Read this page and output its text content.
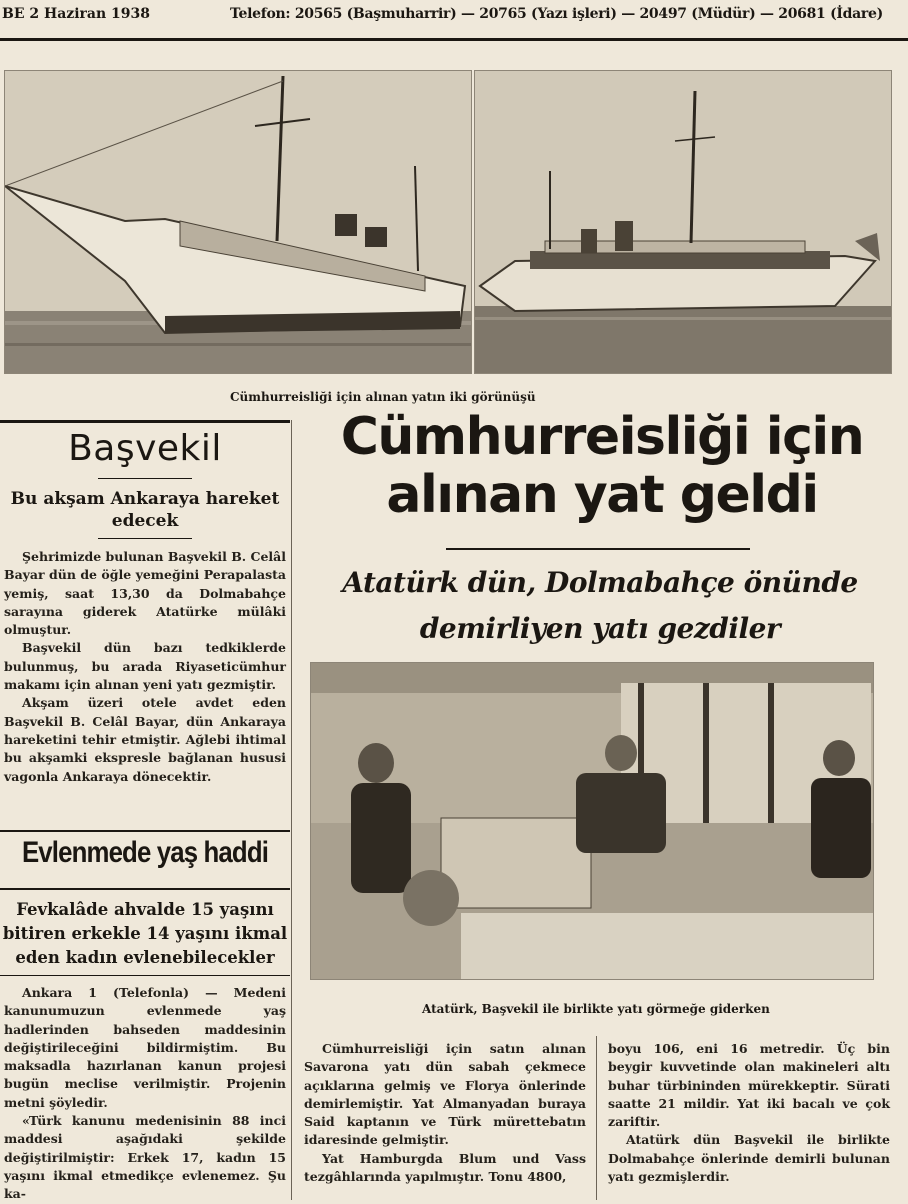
BE 2 Haziran 1938	Telefon: 20565 (Başmuharrir) — 20765 (Yazı işleri) — 20497 (Müdür) — 20681 (İdare)
Cümhurreisliği için alınan yatın iki görünüşü
Başvekil
Bu akşam Ankaraya hareket edecek

Şehrimizde bulunan Başvekil B. Celâl Bayar dün de öğle yemeğini Perapalasta yemiş, saat 13,30 da Dolmabahçe sarayına giderek Atatürke mülâki olmuştur.

Başvekil dün bazı tedkiklerde bulunmuş, bu arada Riyaseticümhur makamı için alınan yeni yatı gezmiştir.

Akşam üzeri otele avdet eden Başvekil B. Celâl Bayar, dün Ankaraya hareketini tehir etmiştir. Ağlebi ihtimal bu akşamki ekspresle bağlanan hususi vagonla Ankaraya dönecektir.

Evlenmede yaş haddi
Fevkalâde ahvalde 15 yaşını bitiren erkekle 14 yaşını ikmal eden kadın evlenebilecekler

Ankara 1 (Telefonla) — Medeni kanunumuzun evlenmede yaş hadlerinden bahseden maddesinin değiştirileceğini bildirmiştim. Bu maksadla hazırlanan kanun projesi bugün meclise verilmiştir. Projenin metni şöyledir.

«Türk kanunu medenisinin 88 inci maddesi aşağıdaki şekilde değiştirilmiştir: Erkek 17, kadın 15 yaşını ikmal etmedikçe evlenemez. Şu ka-

Cümhurreisliği için
alınan yat geldi
Atatürk dün, Dolmabahçe önünde
demirliyen yatı gezdiler
Atatürk, Başvekil ile birlikte yatı görmeğe giderken

Cümhurreisliği için satın alınan Savarona yatı dün sabah çekmece açıklarına gelmiş ve Florya önlerinde demirlemiştir. Yat Almanyadan buraya Said kaptanın ve Türk mürettebatın idaresinde gelmiştir.

Yat Hamburgda Blum und Vass tezgâhlarında yapılmıştır. Tonu 4800,

boyu 106, eni 16 metredir. Üç bin beygir kuvvetinde olan makineleri altı buhar türbininden mürekkeptir. Sürati saatte 21 mildir. Yat iki bacalı ve çok zariftir.

Atatürk dün Başvekil ile birlikte Dolmabahçe önlerinde demirli bulunan yatı gezmişlerdir.
